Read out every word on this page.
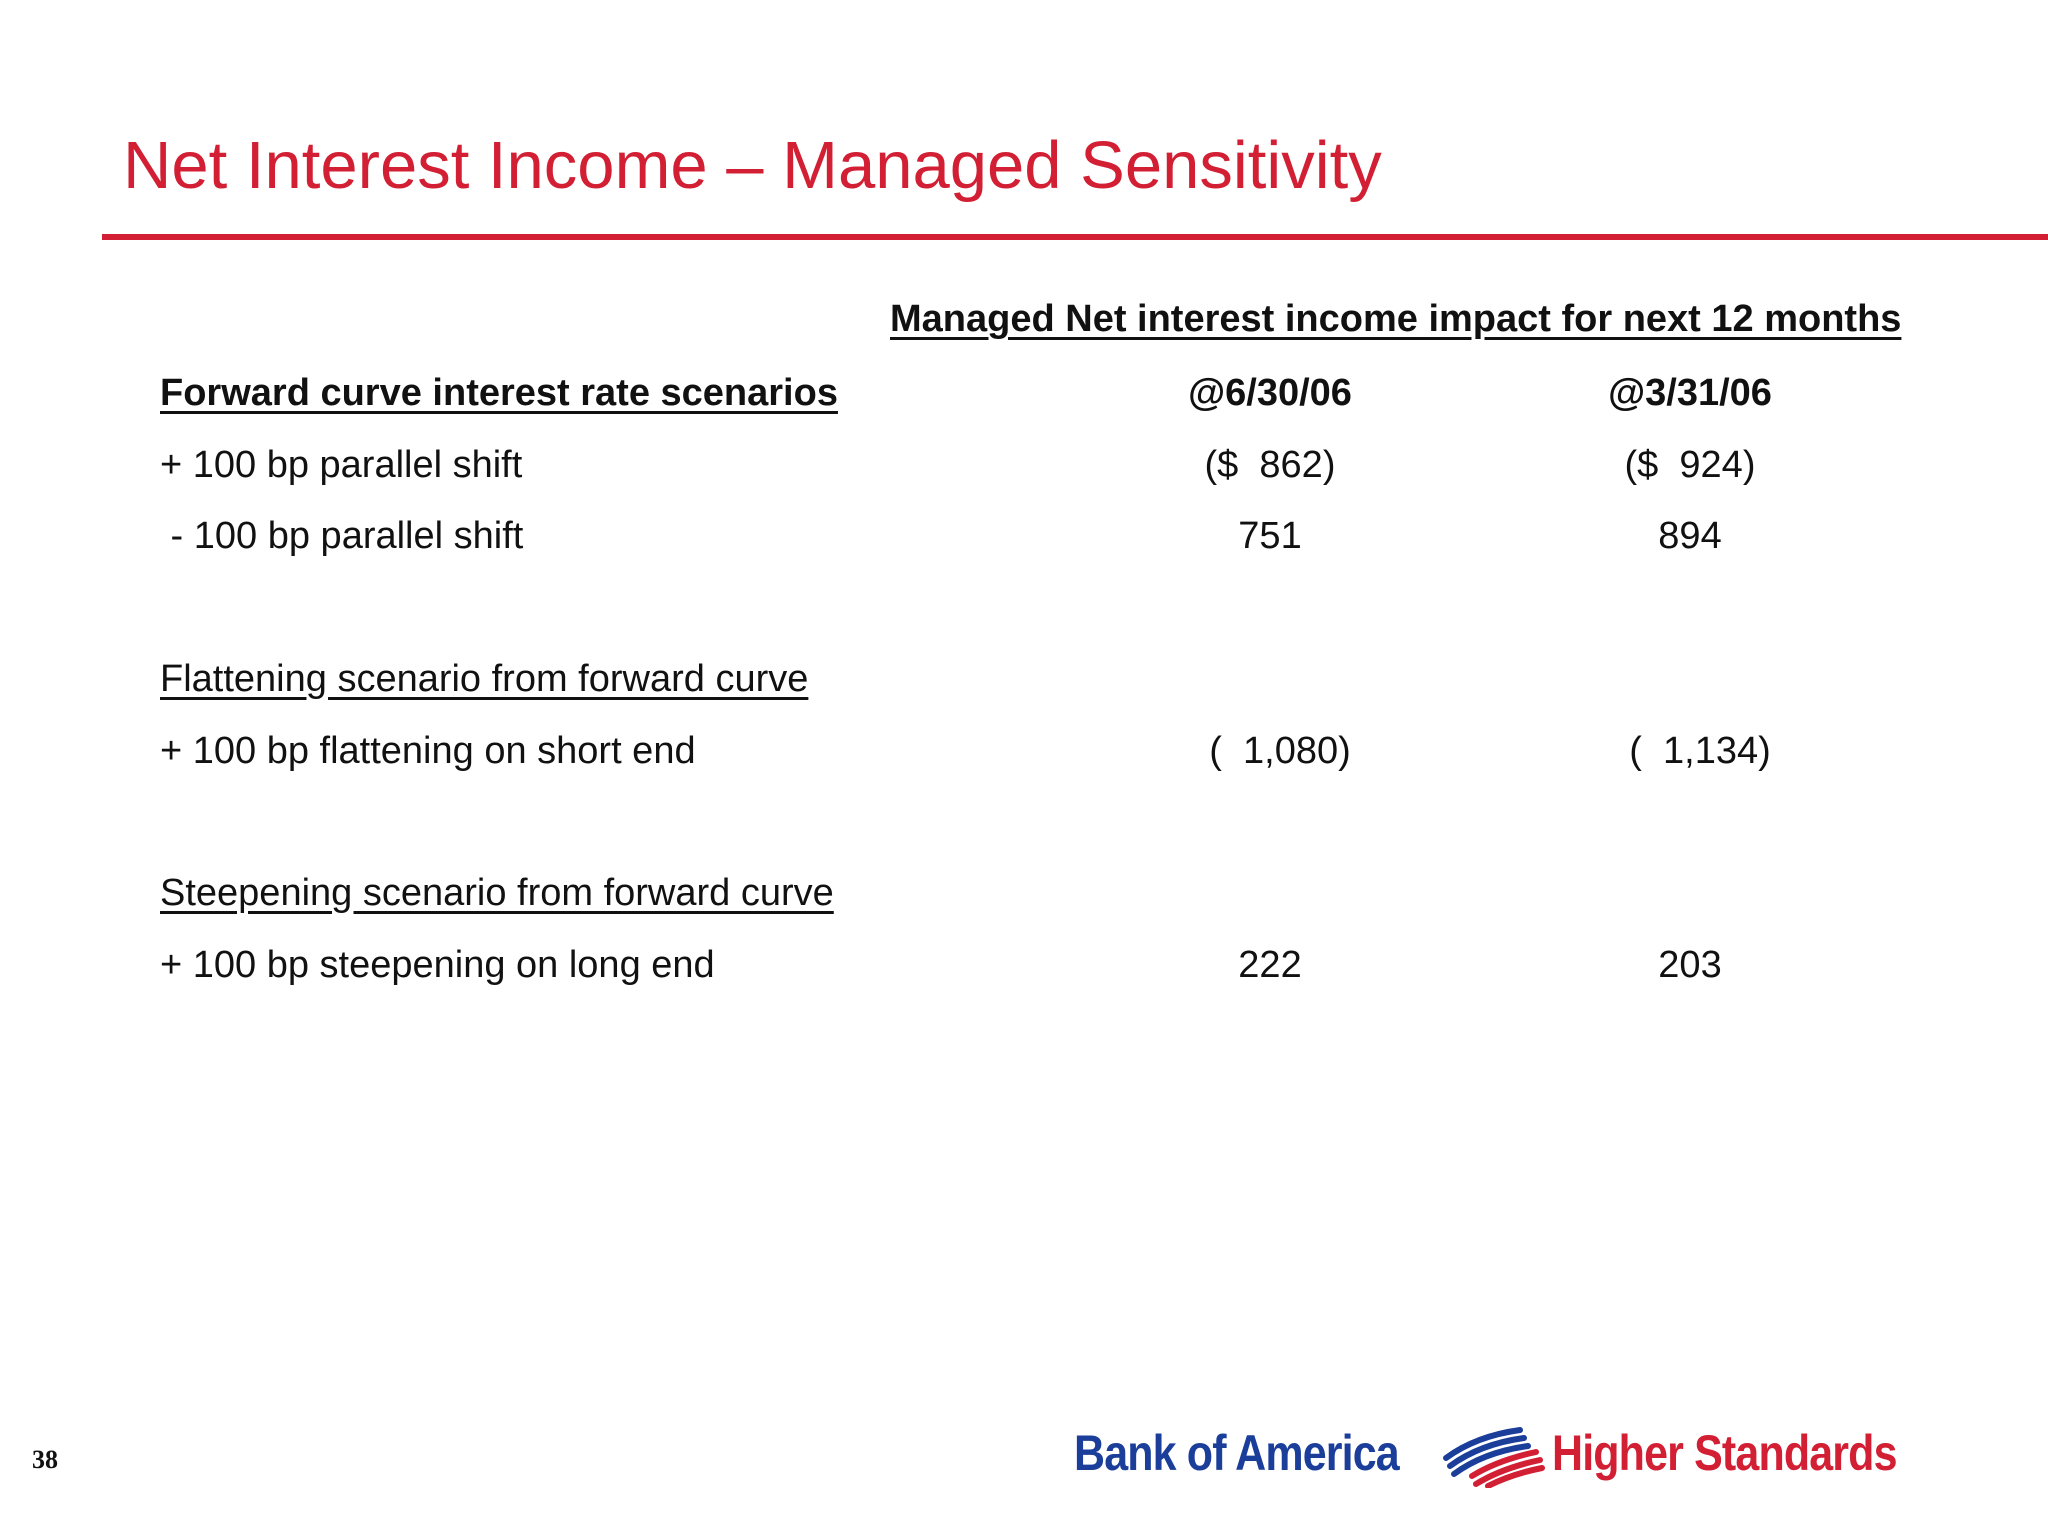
Net Interest Income – Managed Sensitivity
Managed Net interest income impact for next 12 months
Forward curve interest rate scenarios	@6/30/06	@3/31/06
+ 100 bp parallel shift	($  862)	($  924)
- 100 bp parallel shift	751	894
Flattening scenario from forward curve
+ 100 bp flattening on short end	(  1,080)	(  1,134)
Steepening scenario from forward curve
+ 100 bp steepening on long end	222	203
38	Bank of America	Higher Standards
